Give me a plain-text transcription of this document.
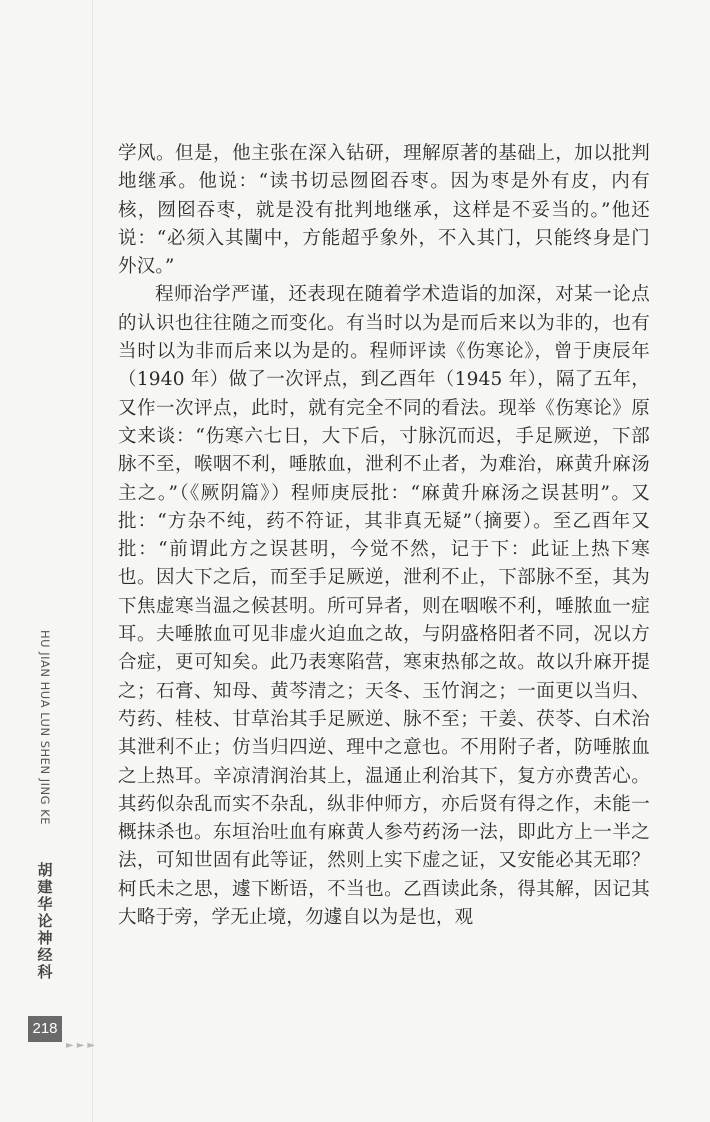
学风。但是，他主张在深入钻研，理解原著的基础上，加以批判地继承。他说：“读书切忌囫囵吞枣。因为枣是外有皮，内有核，囫囵吞枣，就是没有批判地继承，这样是不妥当的。”他还说：“必须入其闉中，方能超乎象外，不入其门，只能终身是门外汉。”

程师治学严谨，还表现在随着学术造诣的加深，对某一论点的认识也往往随之而变化。有当时以为是而后来以为非的，也有当时以为非而后来以为是的。程师评读《伤寒论》，曾于庚辰年（1940 年）做了一次评点，到乙酉年（1945 年），隔了五年，又作一次评点，此时，就有完全不同的看法。现举《伤寒论》原文来谈：“伤寒六七日，大下后，寸脉沉而迟，手足厥逆，下部脉不至，喉咽不利，唾脓血，泄利不止者，为难治，麻黄升麻汤主之。”（《厥阴篇》）程师庚辰批：“麻黄升麻汤之误甚明”。又批：“方杂不纯，药不符证，其非真无疑”（摘要）。至乙酉年又批：“前谓此方之误甚明，今觉不然，记于下：此证上热下寒也。因大下之后，而至手足厥逆，泄利不止，下部脉不至，其为下焦虚寒当温之候甚明。所可异者，则在咽喉不利，唾脓血一症耳。夫唾脓血可见非虚火迫血之故，与阴盛格阳者不同，况以方合症，更可知矣。此乃表寒陷营，寒束热郁之故。故以升麻开提之；石膏、知母、黄芩清之；天冬、玉竹润之；一面更以当归、芍药、桂枝、甘草治其手足厥逆、脉不至；干姜、茯苓、白术治其泄利不止；仿当归四逆、理中之意也。不用附子者，防唾脓血之上热耳。辛凉清润治其上，温通止利治其下，复方亦费苦心。其药似杂乱而实不杂乱，纵非仲师方，亦后贤有得之作，未能一概抹杀也。东垣治吐血有麻黄人参芍药汤一法，即此方上一半之法，可知世固有此等证，然则上实下虚之证，又安能必其无耶？柯氏未之思，遽下断语，不当也。乙酉读此条，得其解，因记其大略于旁，学无止境，勿遽自以为是也，观

HU JIAN HUA LUN SHEN JING KE
胡
建
华
论
神
经
科
218
►►►
